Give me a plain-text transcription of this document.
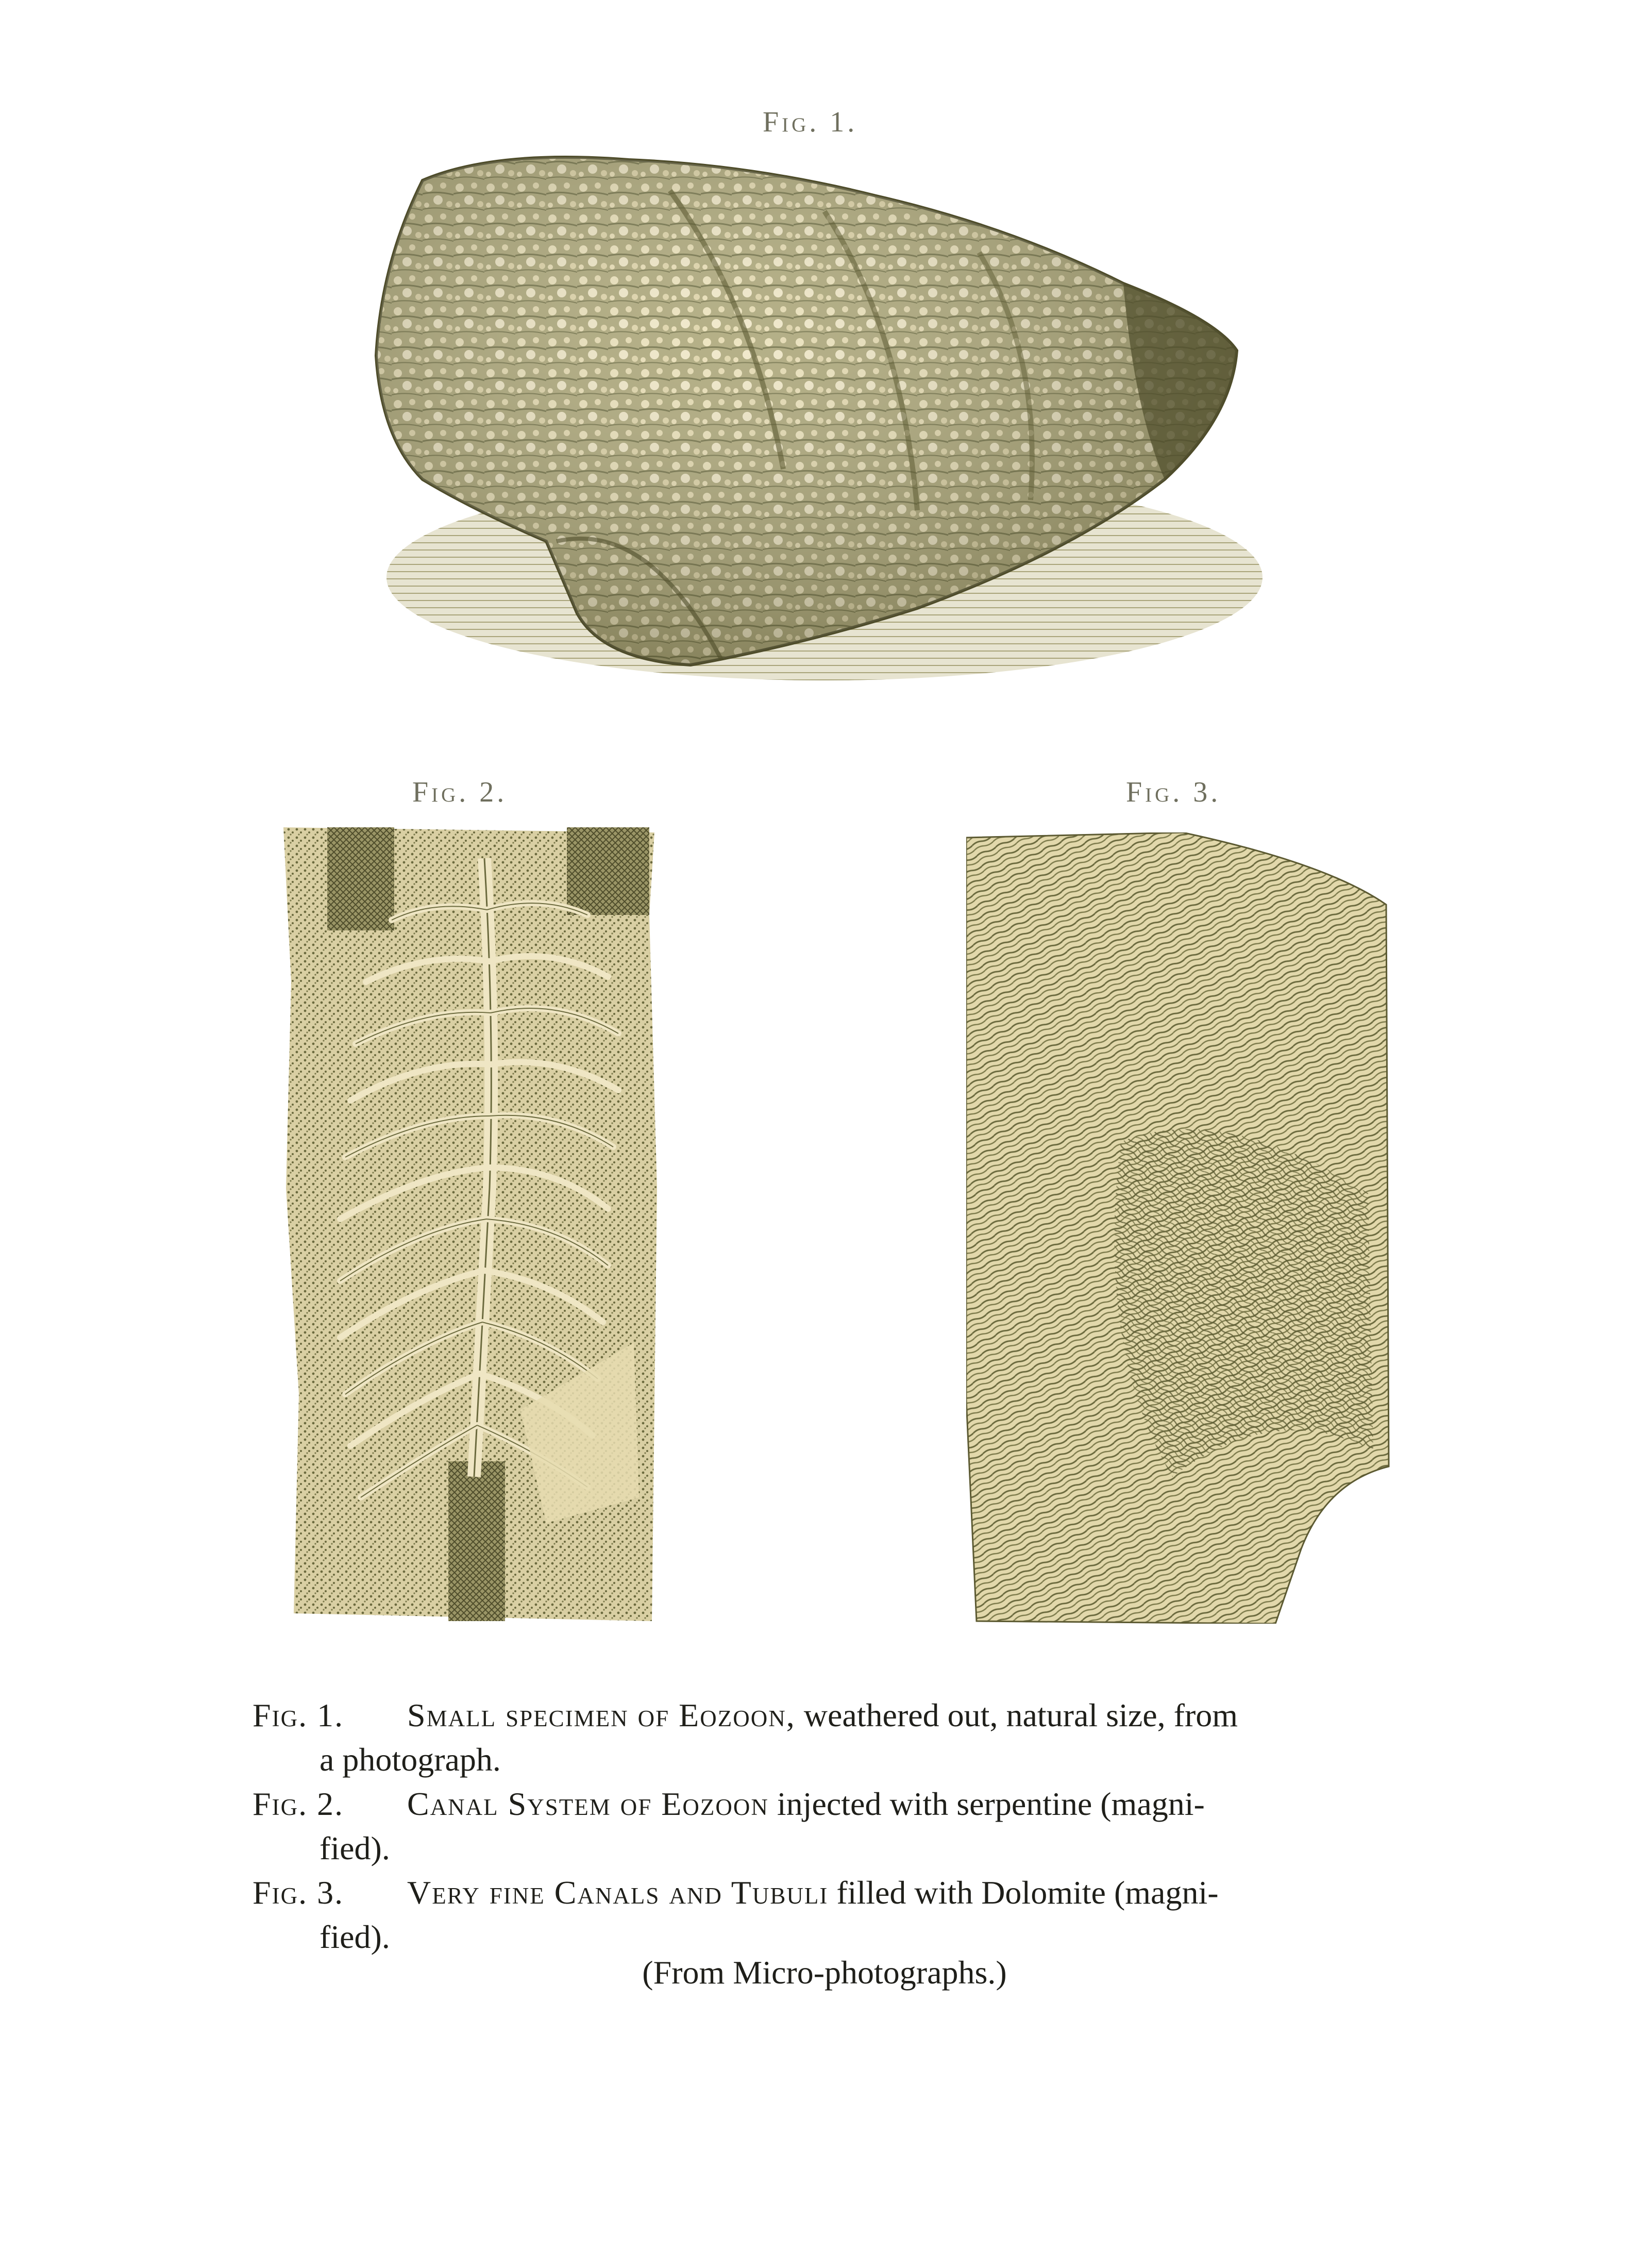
Fig. 1.
Fig. 2.	Fig. 3.
Fig. 1. Small specimen of Eozoon, weathered out, natural size, from
a photograph.
Fig. 2. Canal System of Eozoon injected with serpentine (magni-
fied).
Fig. 3. Very fine Canals and Tubuli filled with Dolomite (magni-
fied).
(From Micro-photographs.)
